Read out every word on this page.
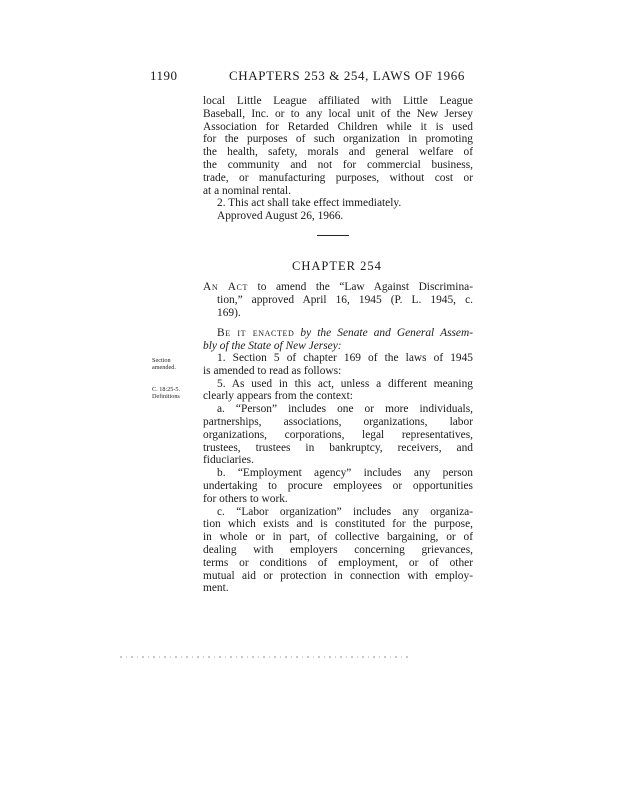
1190	CHAPTERS 253 & 254, LAWS OF 1966
local Little League affiliated with Little League
Baseball, Inc. or to any local unit of the New Jersey
Association for Retarded Children while it is used
for the purposes of such organization in promoting
the health, safety, morals and general welfare of
the community and not for commercial business,
trade, or manufacturing purposes, without cost or
at a nominal rental.
2. This act shall take effect immediately.
Approved August 26, 1966.
CHAPTER 254
An Act to amend the “Law Against Discrimina-
tion,” approved April 16, 1945 (P. L. 1945, c.
169).
Be it enacted by the Senate and General Assem-
bly of the State of New Jersey:
1. Section 5 of chapter 169 of the laws of 1945
is amended to read as follows:
5. As used in this act, unless a different meaning
clearly appears from the context:
a. “Person” includes one or more individuals,
partnerships, associations, organizations, labor
organizations, corporations, legal representatives,
trustees, trustees in bankruptcy, receivers, and
fiduciaries.
b. “Employment agency” includes any person
undertaking to procure employees or opportunities
for others to work.
c. “Labor organization” includes any organiza-
tion which exists and is constituted for the purpose,
in whole or in part, of collective bargaining, or of
dealing with employers concerning grievances,
terms or conditions of employment, or of other
mutual aid or protection in connection with employ-
ment.
Section
amended.
C. 18:25-5.
Definitions
